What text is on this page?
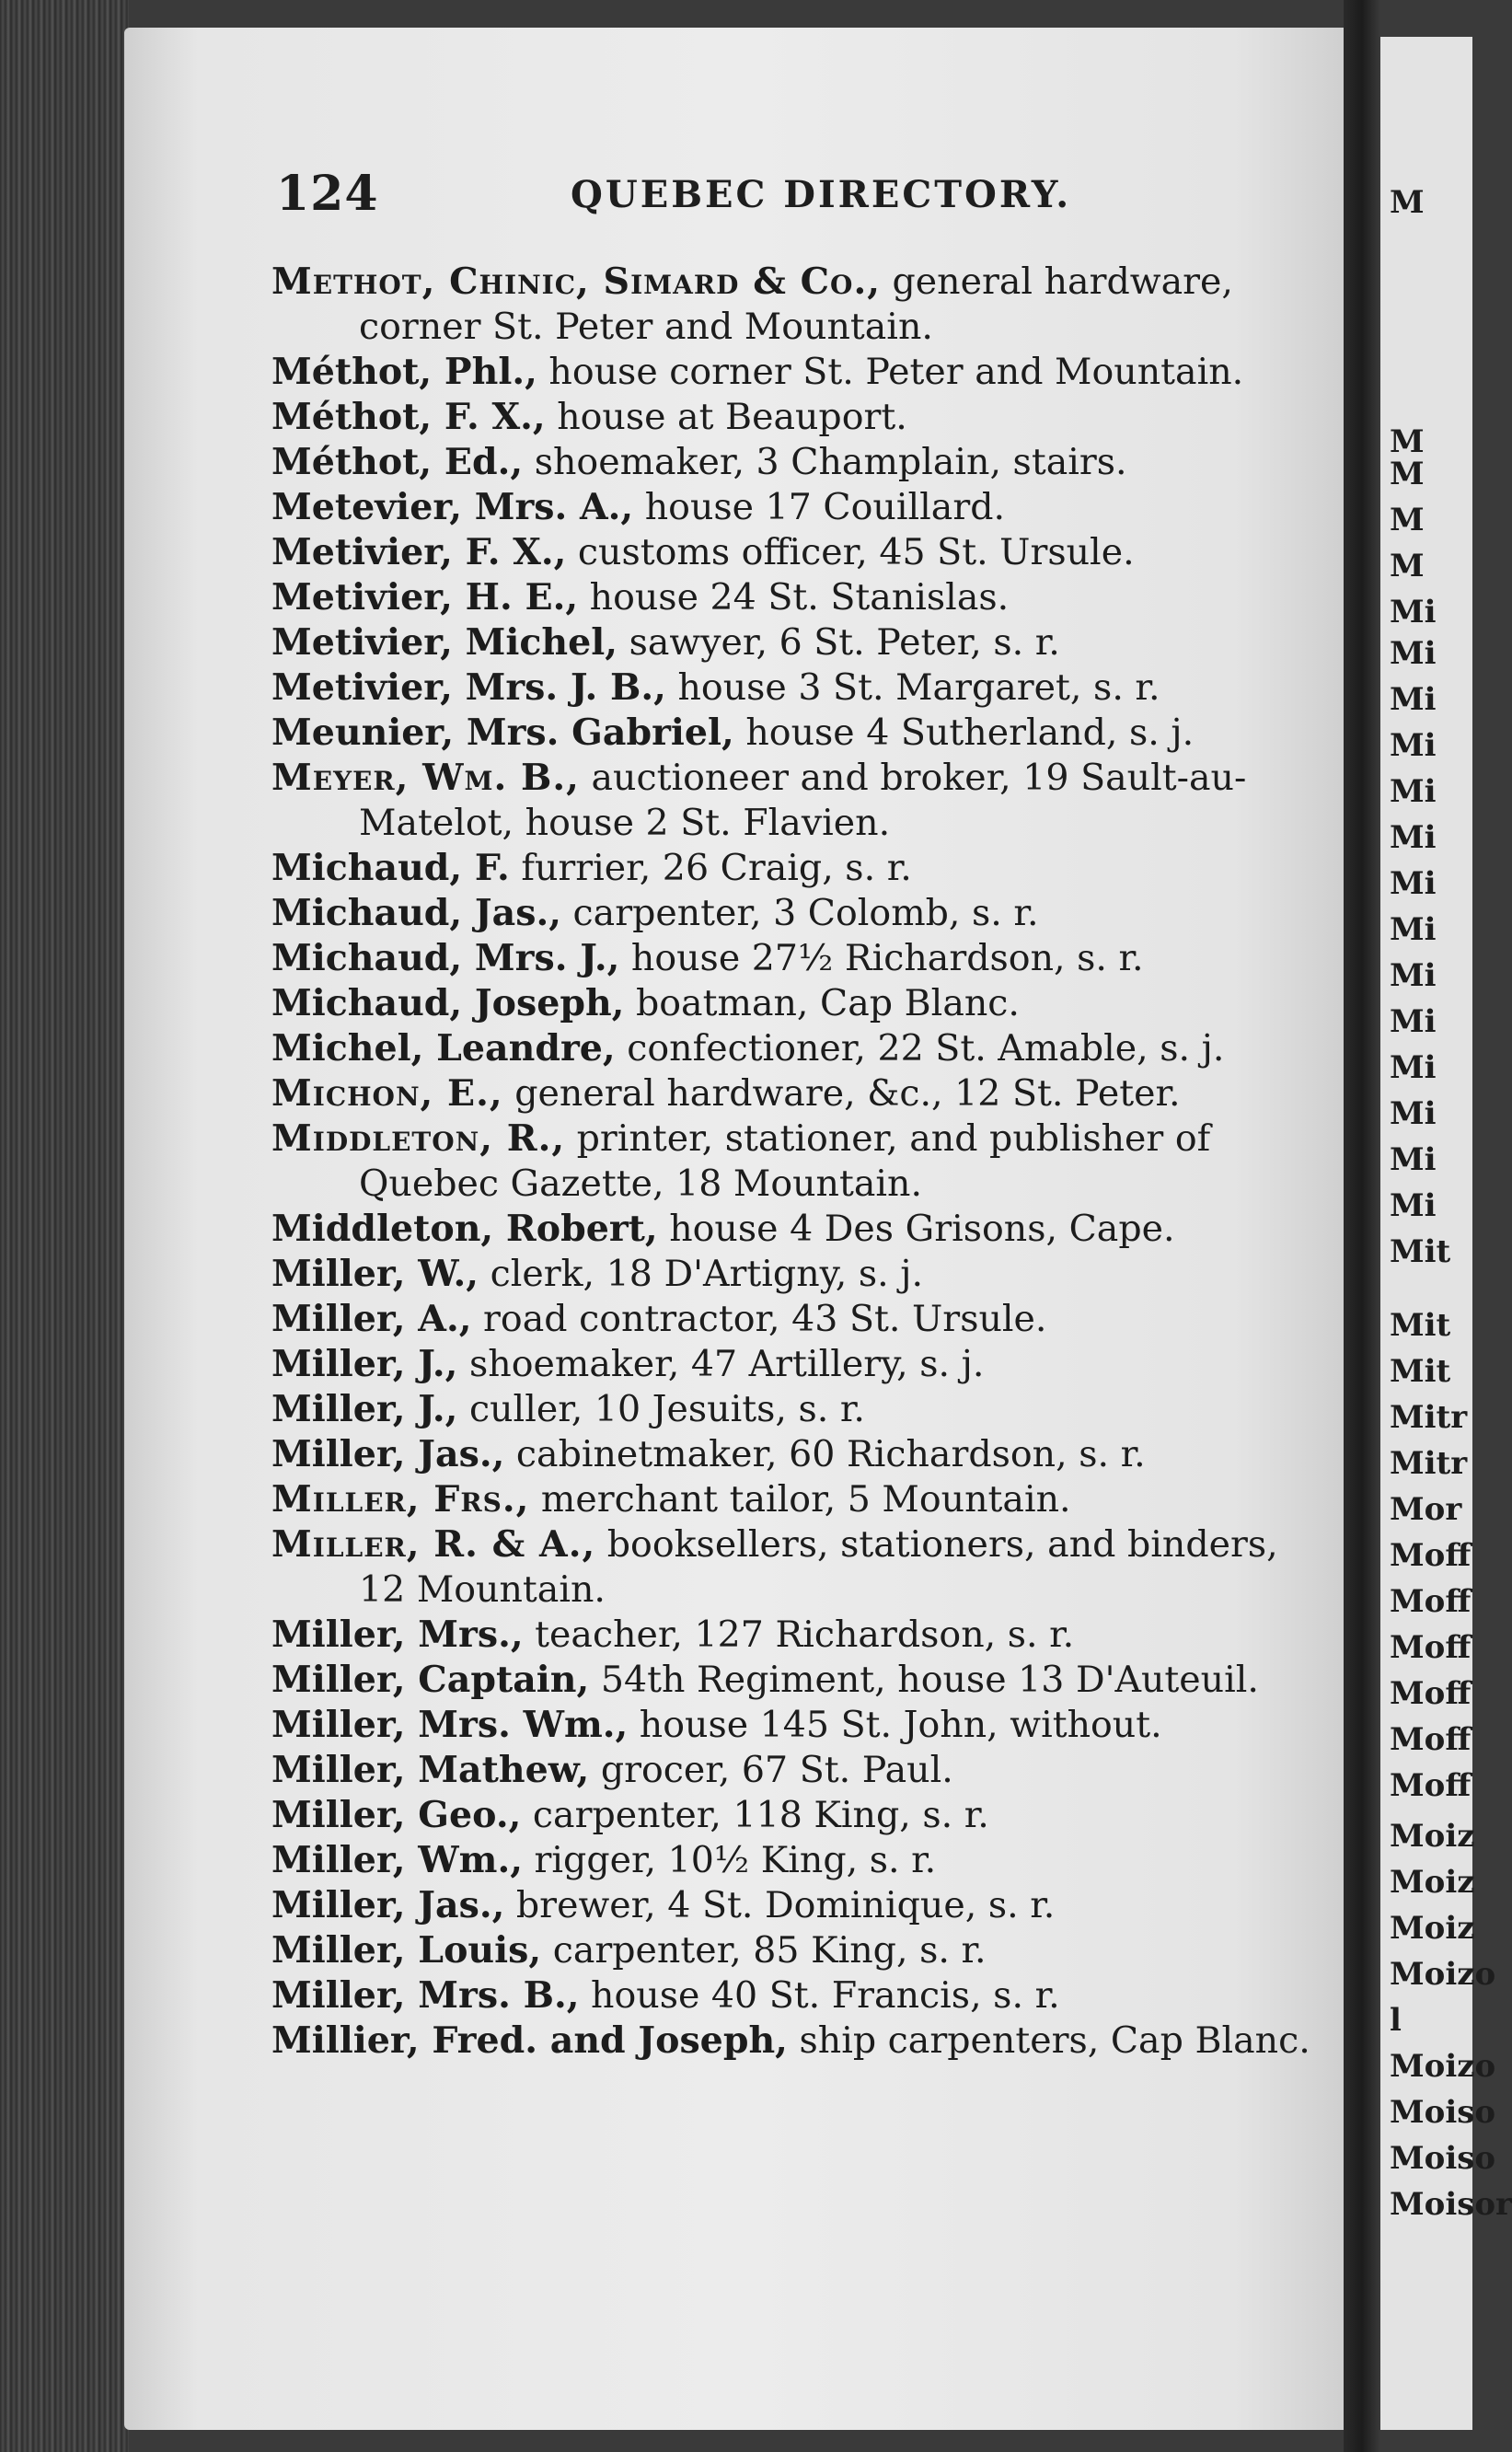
M
M
M
M
M
Mi
Mi
Mi
Mi
Mi
Mi
Mi
Mi
Mi
Mi
Mi
Mi
Mi
Mi
Mit
Mit
Mit
Mitr
Mitr
Mor
Moff
Moff
Moff
Moff
Moff
Moff
Moiz
Moiz
Moiz
Moizo
l
Moizo
Moiso
Moiso
Moisor
124	QUEBEC DIRECTORY.
Methot, Chinic, Simard & Co., general hardware,
corner St. Peter and Mountain.
Méthot, Phl., house corner St. Peter and Mountain.
Méthot, F. X., house at Beauport.
Méthot, Ed., shoemaker, 3 Champlain, stairs.
Metevier, Mrs. A., house 17 Couillard.
Metivier, F. X., customs officer, 45 St. Ursule.
Metivier, H. E., house 24 St. Stanislas.
Metivier, Michel, sawyer, 6 St. Peter, s. r.
Metivier, Mrs. J. B., house 3 St. Margaret, s. r.
Meunier, Mrs. Gabriel, house 4 Sutherland, s. j.
Meyer, Wm. B., auctioneer and broker, 19 Sault-au-
Matelot, house 2 St. Flavien.
Michaud, F. furrier, 26 Craig, s. r.
Michaud, Jas., carpenter, 3 Colomb, s. r.
Michaud, Mrs. J., house 27½ Richardson, s. r.
Michaud, Joseph, boatman, Cap Blanc.
Michel, Leandre, confectioner, 22 St. Amable, s. j.
Michon, E., general hardware, &c., 12 St. Peter.
Middleton, R., printer, stationer, and publisher of
Quebec Gazette, 18 Mountain.
Middleton, Robert, house 4 Des Grisons, Cape.
Miller, W., clerk, 18 D'Artigny, s. j.
Miller, A., road contractor, 43 St. Ursule.
Miller, J., shoemaker, 47 Artillery, s. j.
Miller, J., culler, 10 Jesuits, s. r.
Miller, Jas., cabinetmaker, 60 Richardson, s. r.
Miller, Frs., merchant tailor, 5 Mountain.
Miller, R. & A., booksellers, stationers, and binders,
12 Mountain.
Miller, Mrs., teacher, 127 Richardson, s. r.
Miller, Captain, 54th Regiment, house 13 D'Auteuil.
Miller, Mrs. Wm., house 145 St. John, without.
Miller, Mathew, grocer, 67 St. Paul.
Miller, Geo., carpenter, 118 King, s. r.
Miller, Wm., rigger, 10½ King, s. r.
Miller, Jas., brewer, 4 St. Dominique, s. r.
Miller, Louis, carpenter, 85 King, s. r.
Miller, Mrs. B., house 40 St. Francis, s. r.
Millier, Fred. and Joseph, ship carpenters, Cap Blanc.
